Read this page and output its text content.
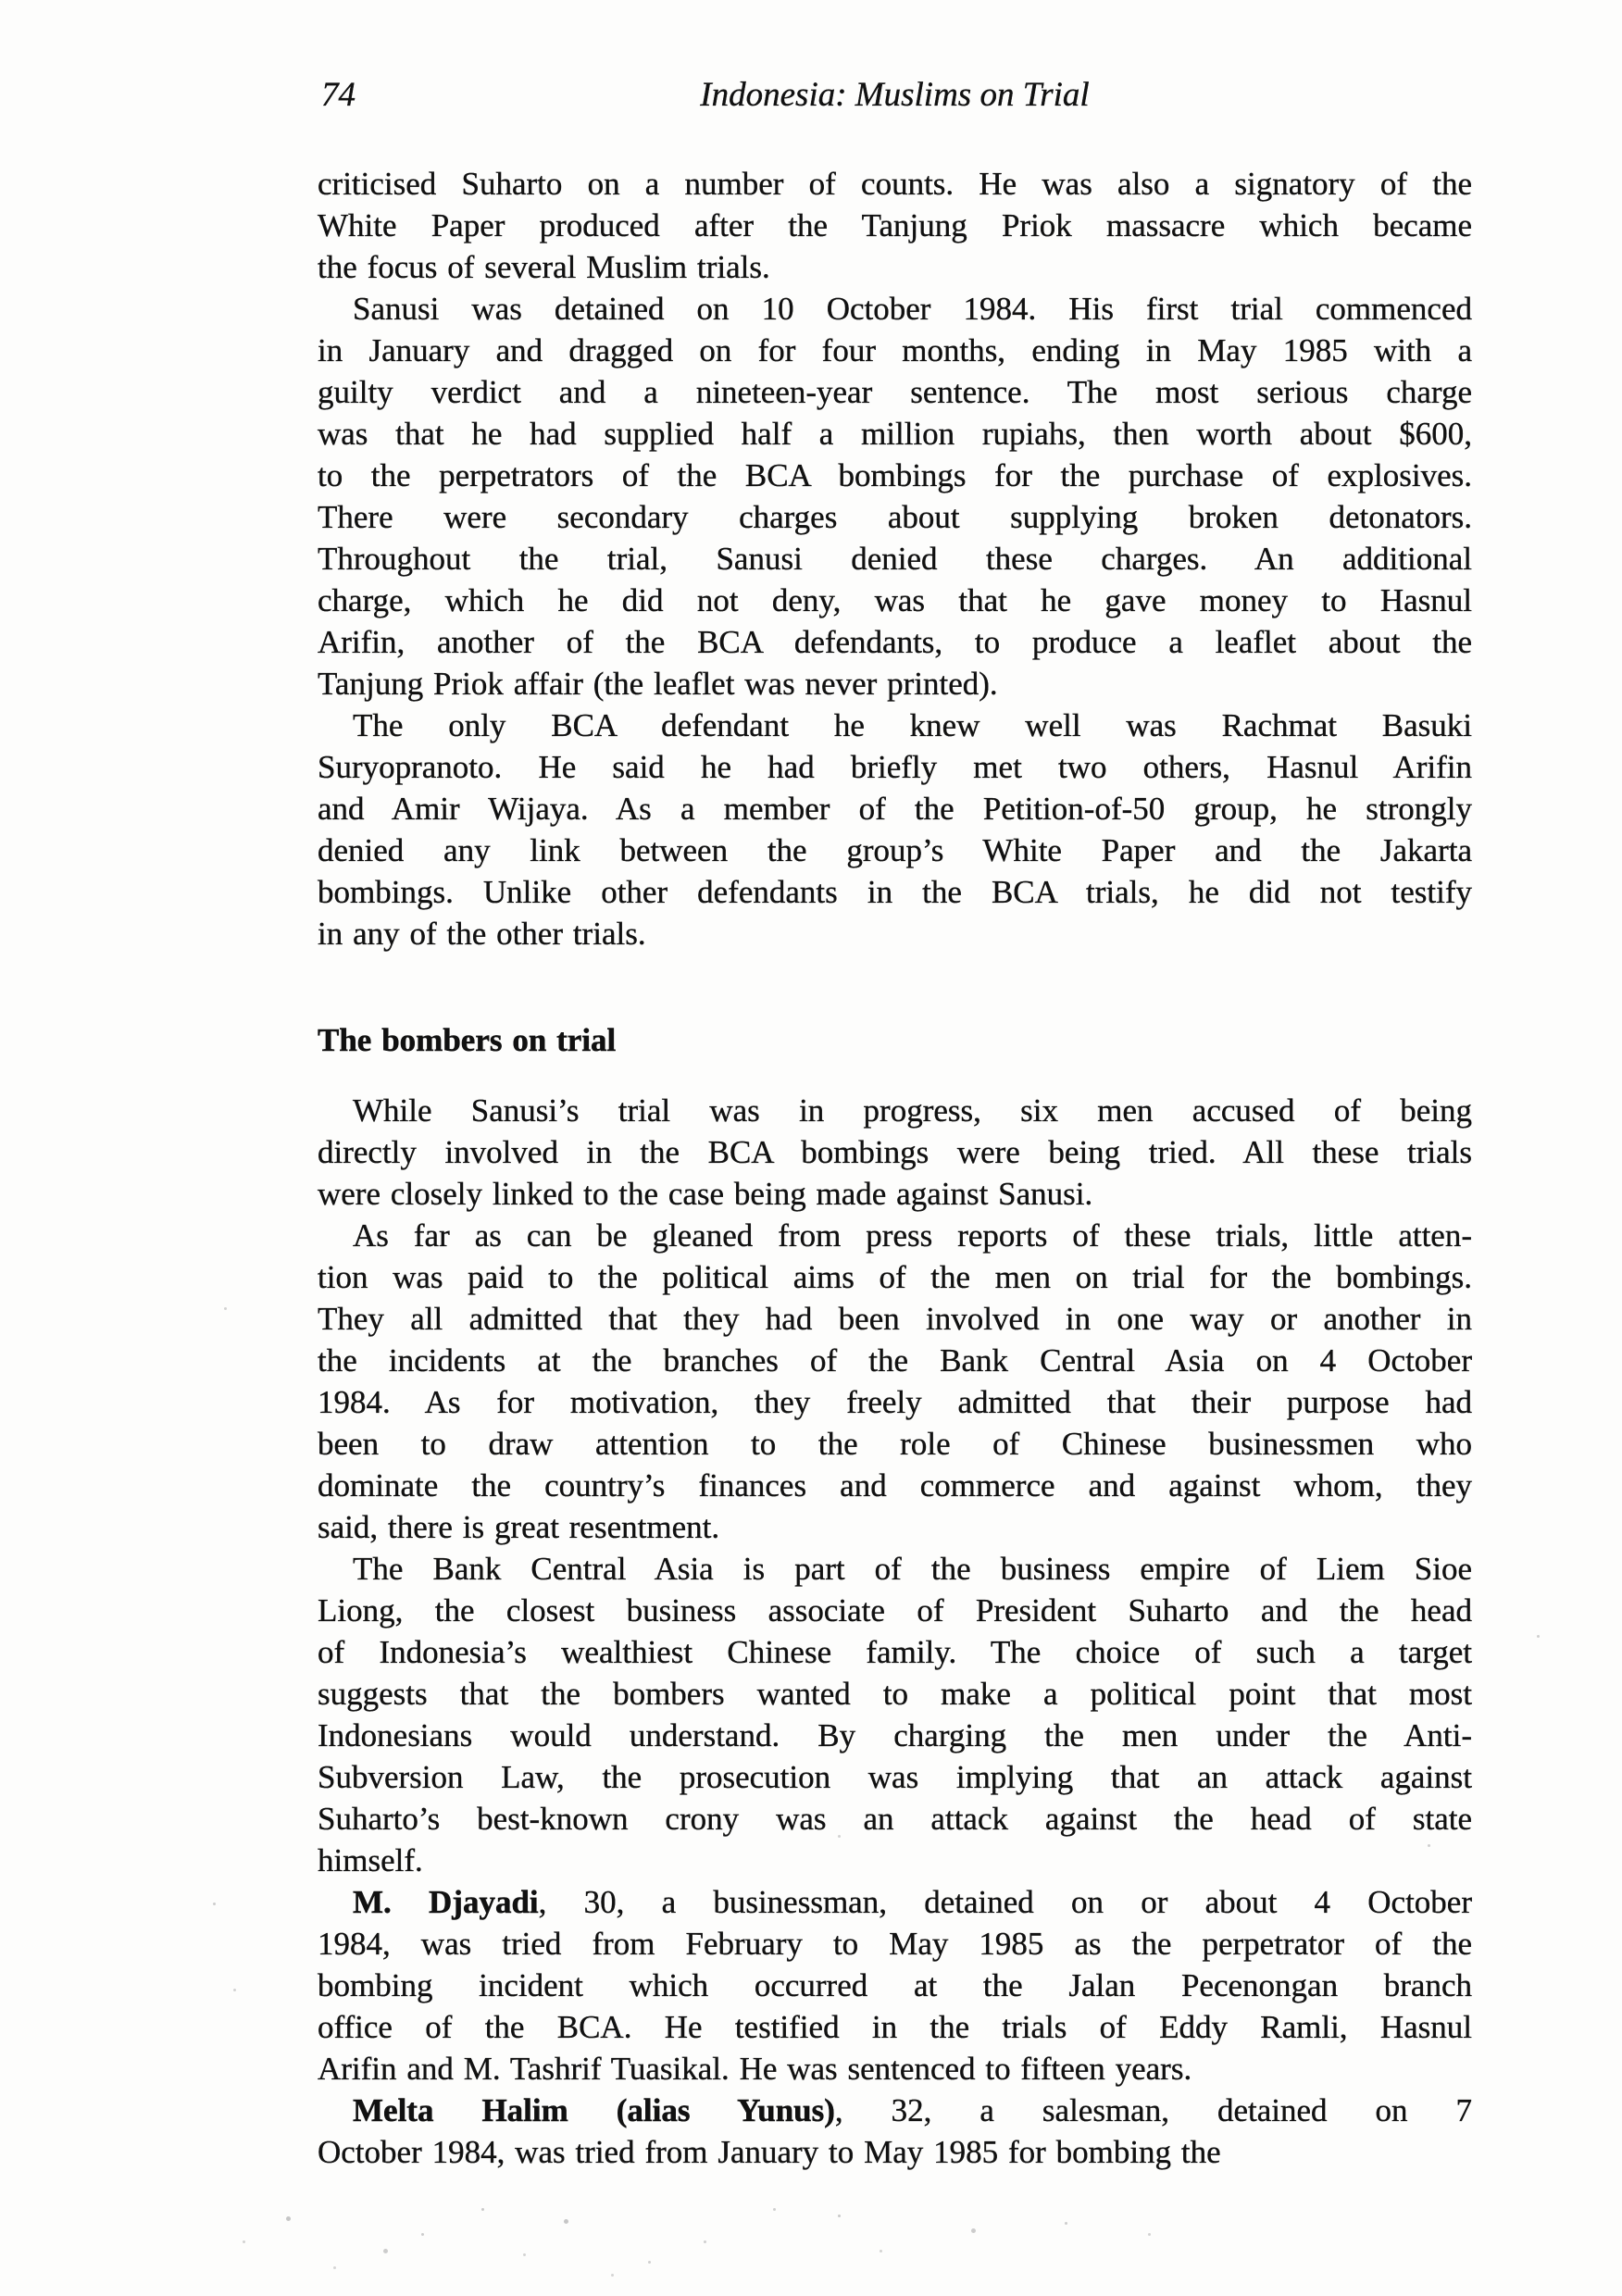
74	Indonesia: Muslims on Trial

criticised Suharto on a number of counts. He was also a signatory of the
White Paper produced after the Tanjung Priok massacre which became
the focus of several Muslim trials.

Sanusi was detained on 10 October 1984. His first trial commenced
in January and dragged on for four months, ending in May 1985 with a
guilty verdict and a nineteen-year sentence. The most serious charge
was that he had supplied half a million rupiahs, then worth about $600,
to the perpetrators of the BCA bombings for the purchase of explosives.
There were secondary charges about supplying broken detonators.
Throughout the trial, Sanusi denied these charges. An additional
charge, which he did not deny, was that he gave money to Hasnul
Arifin, another of the BCA defendants, to produce a leaflet about the
Tanjung Priok affair (the leaflet was never printed).

The only BCA defendant he knew well was Rachmat Basuki
Suryopranoto. He said he had briefly met two others, Hasnul Arifin
and Amir Wijaya. As a member of the Petition-of-50 group, he strongly
denied any link between the group’s White Paper and the Jakarta
bombings. Unlike other defendants in the BCA trials, he did not testify
in any of the other trials.

The bombers on trial

While Sanusi’s trial was in progress, six men accused of being
directly involved in the BCA bombings were being tried. All these trials
were closely linked to the case being made against Sanusi.

As far as can be gleaned from press reports of these trials, little atten-
tion was paid to the political aims of the men on trial for the bombings.
They all admitted that they had been involved in one way or another in
the incidents at the branches of the Bank Central Asia on 4 October
1984. As for motivation, they freely admitted that their purpose had
been to draw attention to the role of Chinese businessmen who
dominate the country’s finances and commerce and against whom, they
said, there is great resentment.

The Bank Central Asia is part of the business empire of Liem Sioe
Liong, the closest business associate of President Suharto and the head
of Indonesia’s wealthiest Chinese family. The choice of such a target
suggests that the bombers wanted to make a political point that most
Indonesians would understand. By charging the men under the Anti-
Subversion Law, the prosecution was implying that an attack against
Suharto’s best-known crony was an attack against the head of state
himself.

M. Djayadi, 30, a businessman, detained on or about 4 October
1984, was tried from February to May 1985 as the perpetrator of the
bombing incident which occurred at the Jalan Pecenongan branch
office of the BCA. He testified in the trials of Eddy Ramli, Hasnul
Arifin and M. Tashrif Tuasikal. He was sentenced to fifteen years.

Melta Halim (alias Yunus), 32, a salesman, detained on 7
October 1984, was tried from January to May 1985 for bombing the
